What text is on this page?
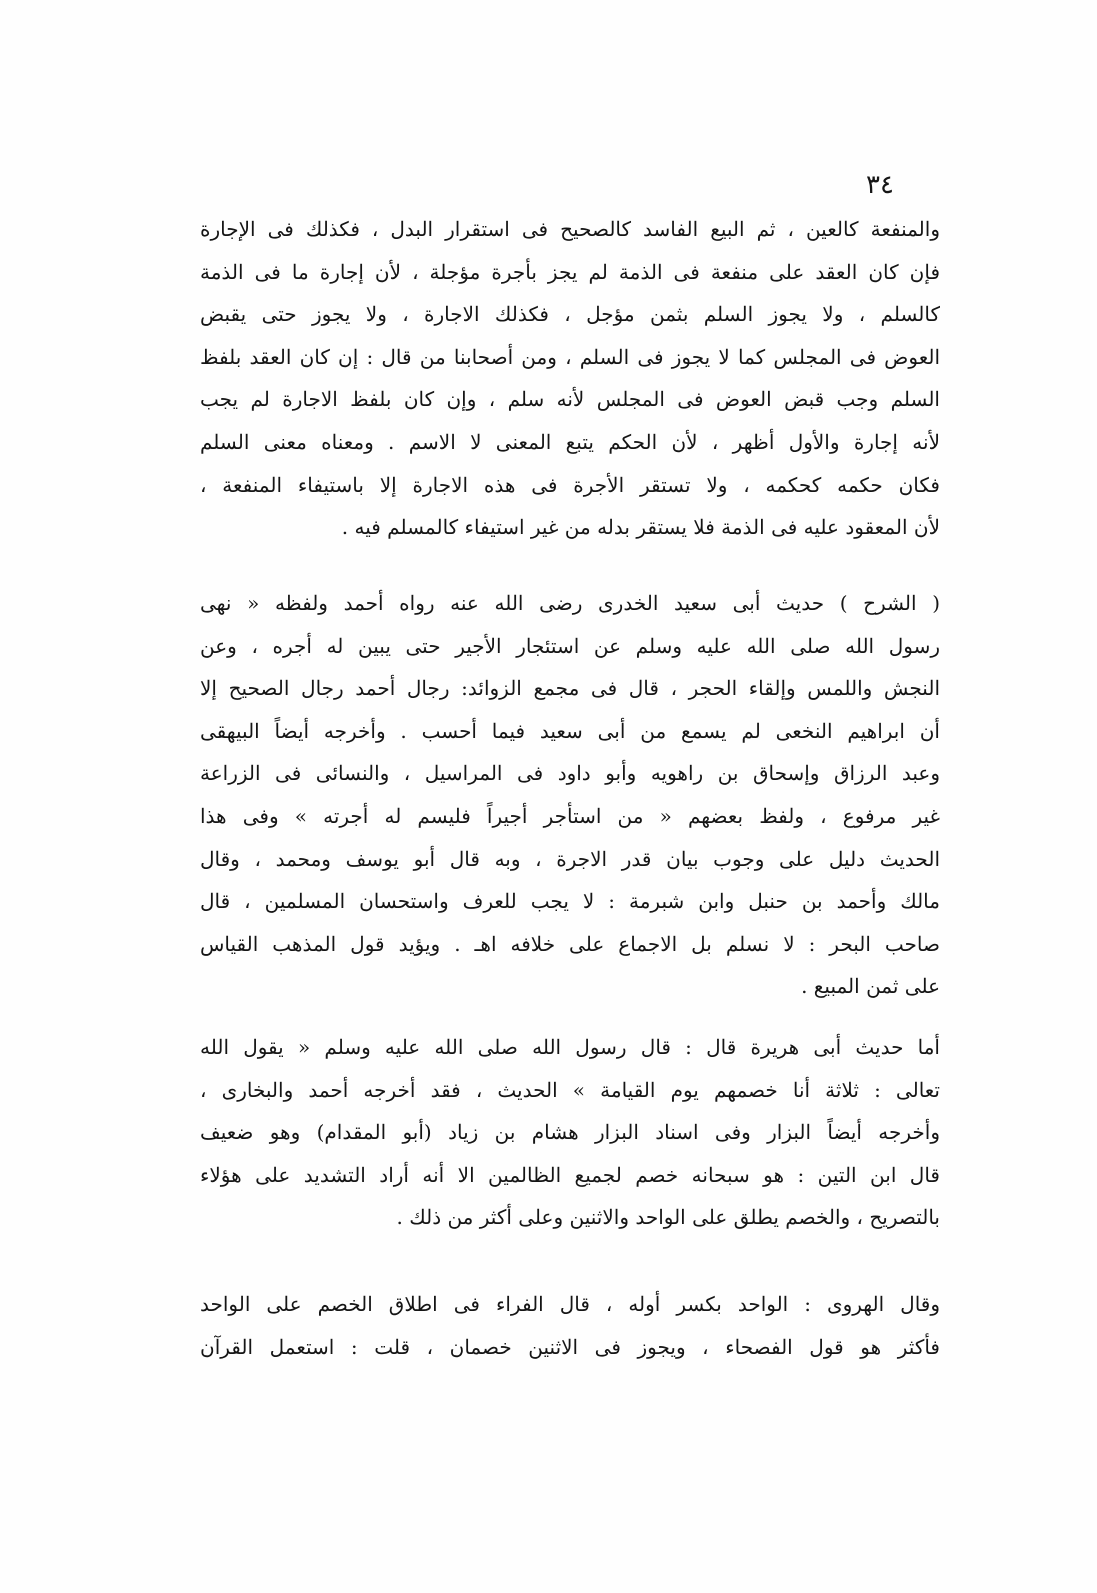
٣٤
والمنفعة كالعين ، ثم البيع الفاسد كالصحيح فى استقرار البدل ، فكذلك فى الإجارة
فإن كان العقد على منفعة فى الذمة لم يجز بأجرة مؤجلة ، لأن إجارة ما فى الذمة
كالسلم ، ولا يجوز السلم بثمن مؤجل ، فكذلك الاجارة ، ولا يجوز حتى يقبض
العوض فى المجلس كما لا يجوز فى السلم ، ومن أصحابنا من قال : إن كان العقد بلفظ
السلم وجب قبض العوض فى المجلس لأنه سلم ، وإن كان بلفظ الاجارة لم يجب
لأنه إجارة والأول أظهر ، لأن الحكم يتبع المعنى لا الاسم . ومعناه معنى السلم
فكان حكمه كحكمه ، ولا تستقر الأجرة فى هذه الاجارة إلا باستيفاء المنفعة ،
لأن المعقود عليه فى الذمة فلا يستقر بدله من غير استيفاء كالمسلم فيه .
( الشرح ) حديث أبى سعيد الخدرى رضى الله عنه رواه أحمد ولفظه « نهى
رسول الله صلى الله عليه وسلم عن استئجار الأجير حتى يبين له أجره ، وعن
النجش واللمس وإلقاء الحجر ، قال فى مجمع الزوائد: رجال أحمد رجال الصحيح إلا
أن ابراهيم النخعى لم يسمع من أبى سعيد فيما أحسب . وأخرجه أيضاً البيهقى
وعبد الرزاق وإسحاق بن راهويه وأبو داود فى المراسيل ، والنسائى فى الزراعة
غير مرفوع ، ولفظ بعضهم « من استأجر أجيراً فليسم له أجرته » وفى هذا
الحديث دليل على وجوب بيان قدر الاجرة ، وبه قال أبو يوسف ومحمد ، وقال
مالك وأحمد بن حنبل وابن شبرمة : لا يجب للعرف واستحسان المسلمين ، قال
صاحب البحر : لا نسلم بل الاجماع على خلافه اهـ . ويؤيد قول المذهب القياس
على ثمن المبيع .
أما حديث أبى هريرة قال : قال رسول الله صلى الله عليه وسلم « يقول الله
تعالى : ثلاثة أنا خصمهم يوم القيامة » الحديث ، فقد أخرجه أحمد والبخارى ،
وأخرجه أيضاً البزار وفى اسناد البزار هشام بن زياد (أبو المقدام) وهو ضعيف
قال ابن التين : هو سبحانه خصم لجميع الظالمين الا أنه أراد التشديد على هؤلاء
بالتصريح ، والخصم يطلق على الواحد والاثنين وعلى أكثر من ذلك .
وقال الهروى : الواحد بكسر أوله ، قال الفراء فى اطلاق الخصم على الواحد
فأكثر هو قول الفصحاء ، ويجوز فى الاثنين خصمان ، قلت : استعمل القرآن
